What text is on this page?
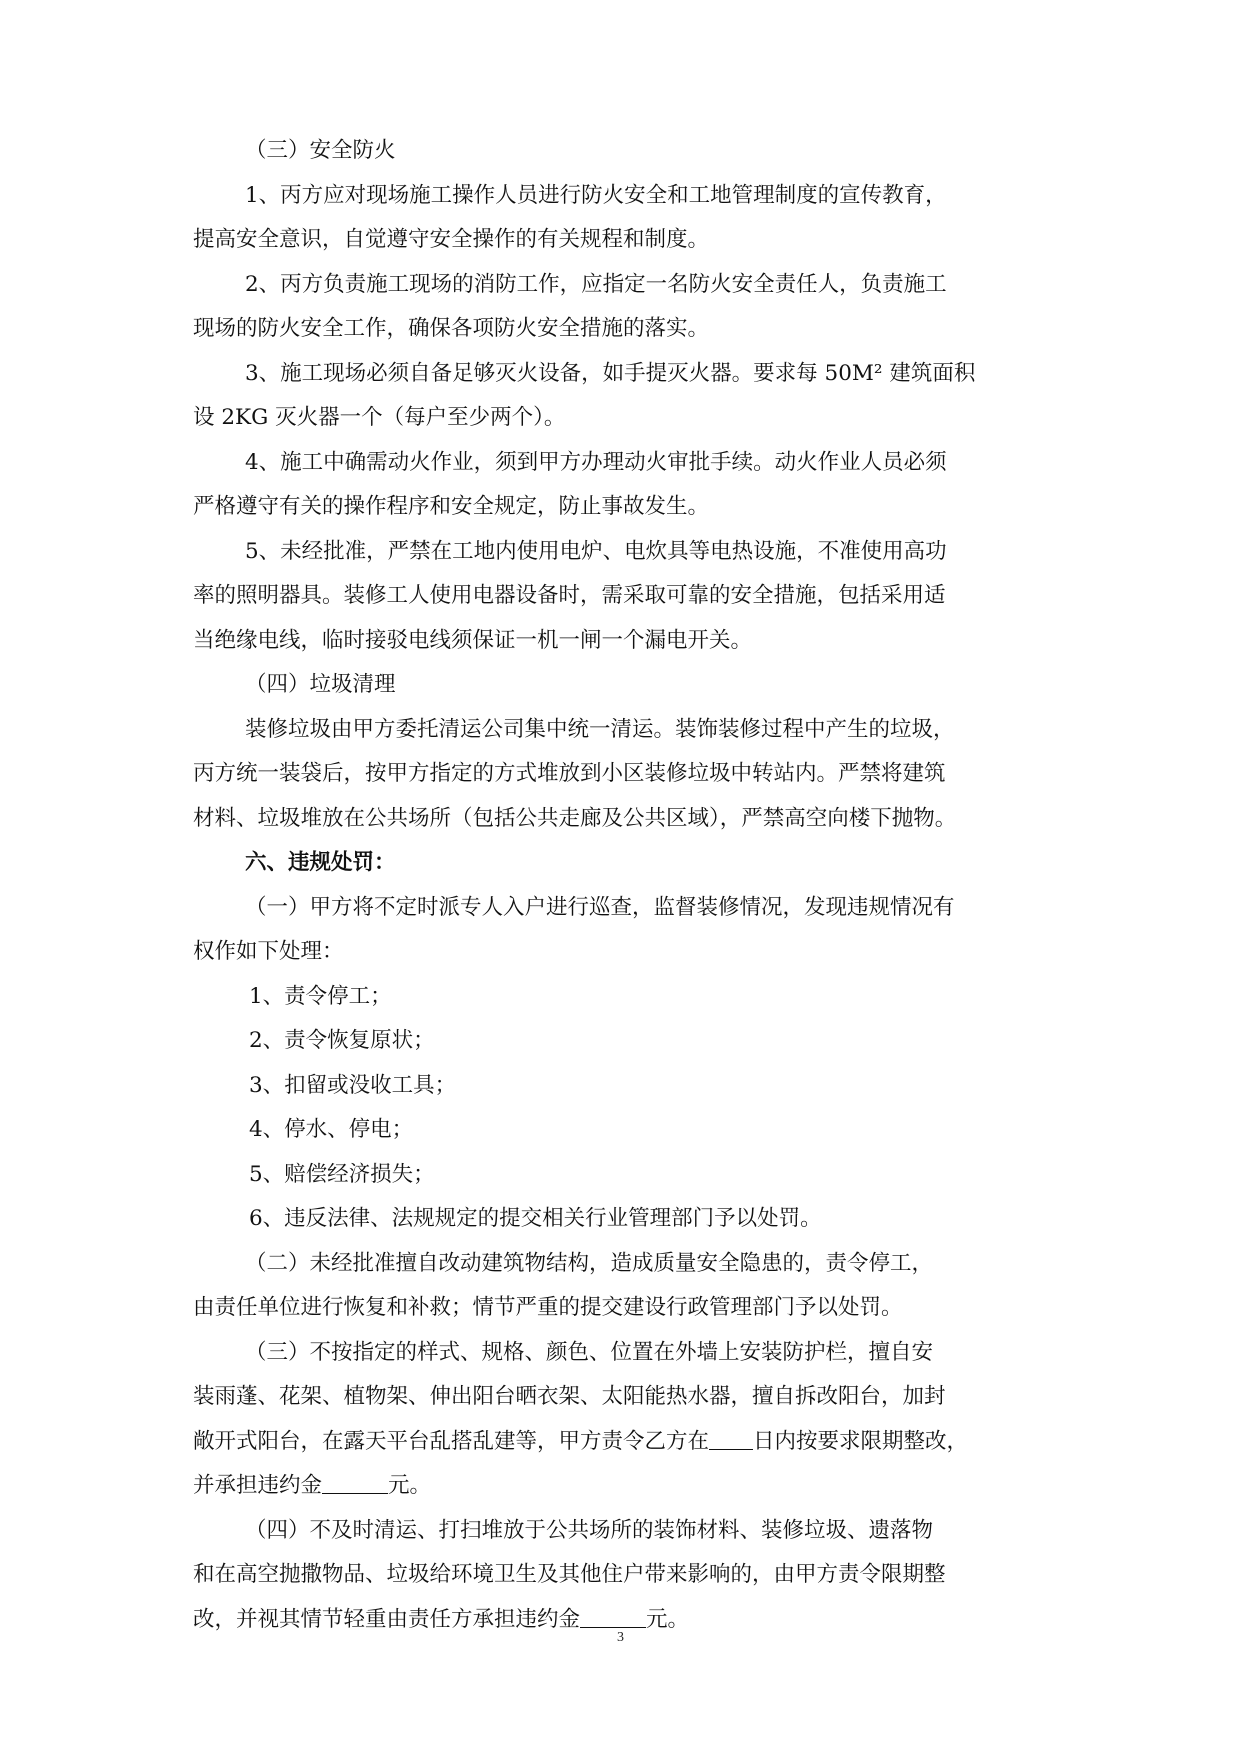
（三）安全防火
1、丙方应对现场施工操作人员进行防火安全和工地管理制度的宣传教育，
提高安全意识，自觉遵守安全操作的有关规程和制度。
2、丙方负责施工现场的消防工作，应指定一名防火安全责任人，负责施工
现场的防火安全工作，确保各项防火安全措施的落实。
3、施工现场必须自备足够灭火设备，如手提灭火器。要求每 50M² 建筑面积
设 2KG 灭火器一个（每户至少两个）。
4、施工中确需动火作业，须到甲方办理动火审批手续。动火作业人员必须
严格遵守有关的操作程序和安全规定，防止事故发生。
5、未经批准，严禁在工地内使用电炉、电炊具等电热设施，不准使用高功
率的照明器具。装修工人使用电器设备时，需采取可靠的安全措施，包括采用适
当绝缘电线，临时接驳电线须保证一机一闸一个漏电开关。
（四）垃圾清理
装修垃圾由甲方委托清运公司集中统一清运。装饰装修过程中产生的垃圾，
丙方统一装袋后，按甲方指定的方式堆放到小区装修垃圾中转站内。严禁将建筑
材料、垃圾堆放在公共场所（包括公共走廊及公共区域），严禁高空向楼下抛物。
六、违规处罚：
（一）甲方将不定时派专人入户进行巡查，监督装修情况，发现违规情况有
权作如下处理：
1、责令停工；
2、责令恢复原状；
3、扣留或没收工具；
4、停水、停电；
5、赔偿经济损失；
6、违反法律、法规规定的提交相关行业管理部门予以处罚。
（二）未经批准擅自改动建筑物结构，造成质量安全隐患的，责令停工，
由责任单位进行恢复和补救；情节严重的提交建设行政管理部门予以处罚。
（三）不按指定的样式、规格、颜色、位置在外墙上安装防护栏，擅自安
装雨蓬、花架、植物架、伸出阳台晒衣架、太阳能热水器，擅自拆改阳台，加封
敞开式阳台，在露天平台乱搭乱建等，甲方责令乙方在 日内按要求限期整改，
并承担违约金	元。
（四）不及时清运、打扫堆放于公共场所的装饰材料、装修垃圾、遗落物
和在高空抛撒物品、垃圾给环境卫生及其他住户带来影响的，由甲方责令限期整
改，并视其情节轻重由责任方承担违约金	元。
3
